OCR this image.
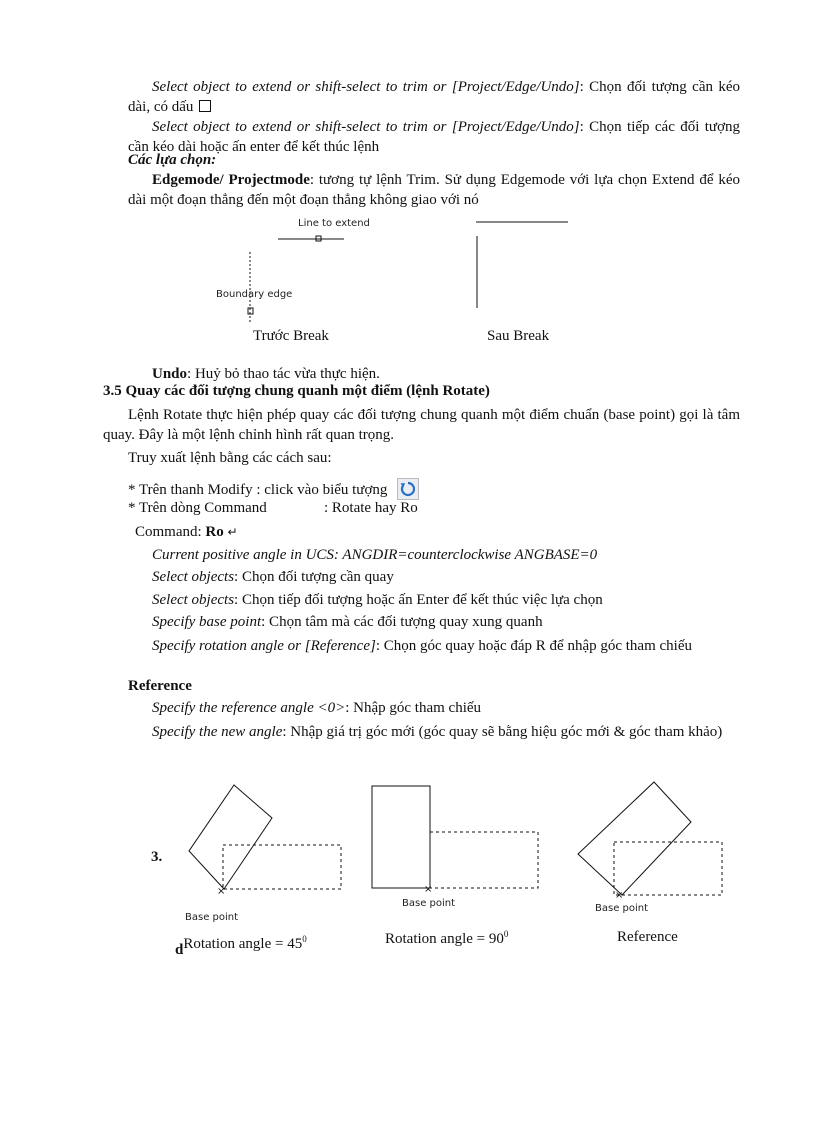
Select object to extend or shift-select to trim or [Project/Edge/Undo]: Chọn đối tượng cần kéo dài, có dấu
Select object to extend or shift-select to trim or [Project/Edge/Undo]: Chọn tiếp các đối tượng cần kéo dài hoặc ấn enter để kết thúc lệnh
Các lựa chọn:
Edgemode/ Projectmode: tương tự lệnh Trim. Sử dụng Edgemode với lựa chọn Extend để kéo dài một đoạn thẳng đến một đoạn thẳng không giao với nó
Line to extend
Boundary edge
Trước Break	Sau Break
Undo: Huỷ bỏ thao tác vừa thực hiện.
3.5 Quay các đối tượng chung quanh một điểm (lệnh Rotate)
Lệnh Rotate thực hiện phép quay các đối tượng chung quanh một điểm chuẩn (base point) gọi là tâm quay. Đây là một lệnh chỉnh hình rất quan trọng.
Truy xuất lệnh bằng các cách sau:
* Trên thanh Modify : click vào biểu tượng
* Trên dòng Command	: Rotate hay Ro
Command: Ro ↵
Current positive angle in UCS: ANGDIR=counterclockwise ANGBASE=0
Select objects: Chọn đối tượng cần quay
Select objects: Chọn tiếp đối tượng hoặc ấn Enter để kết thúc việc lựa chọn
Specify base point: Chọn tâm mà các đối tượng quay xung quanh
Specify rotation angle or [Reference]: Chọn góc quay hoặc đáp R để nhập góc tham chiếu
Reference
Specify the reference angle <0>: Nhập góc tham chiếu
Specify the new angle: Nhập giá trị góc mới (góc quay sẽ bằng hiệu góc mới & góc tham khảo)
×
Base point
×
Base point
×
Base point
3.
dRotation angle = $45^0$	Rotation angle = $90^0$	Reference
